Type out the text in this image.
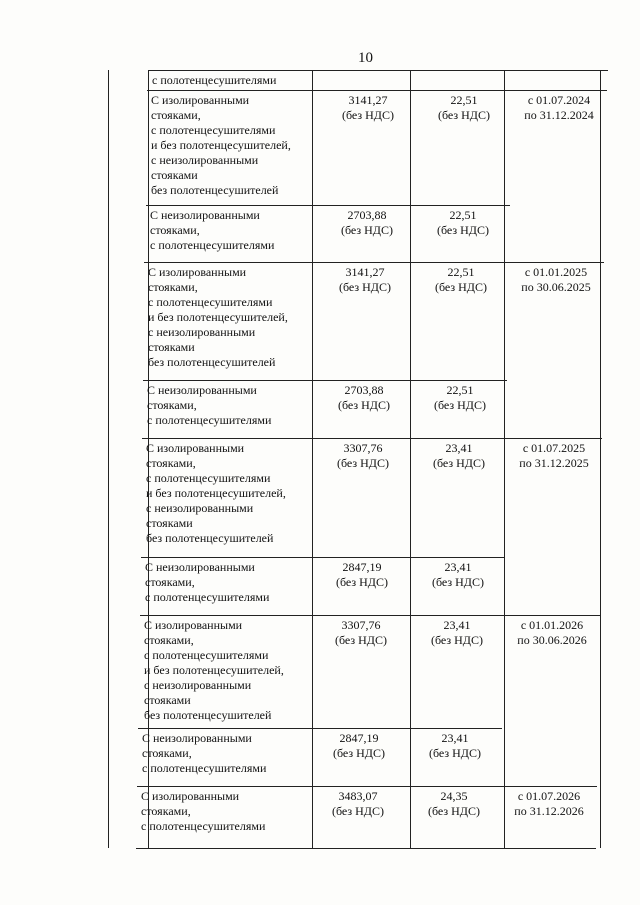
10
с полотенцесушителями
С изолированными
стояками,
с полотенцесушителями
и без полотенцесушителей,
с неизолированными
стояками
без полотенцесушителей
3141,27
(без НДС)
22,51
(без НДС)
с 01.07.2024
по 31.12.2024
С неизолированными
стояками,
с полотенцесушителями
2703,88
(без НДС)
22,51
(без НДС)
С изолированными
стояками,
с полотенцесушителями
и без полотенцесушителей,
с неизолированными
стояками
без полотенцесушителей
3141,27
(без НДС)
22,51
(без НДС)
с 01.01.2025
по 30.06.2025
С неизолированными
стояками,
с полотенцесушителями
2703,88
(без НДС)
22,51
(без НДС)
С изолированными
стояками,
с полотенцесушителями
и без полотенцесушителей,
с неизолированными
стояками
без полотенцесушителей
3307,76
(без НДС)
23,41
(без НДС)
с 01.07.2025
по 31.12.2025
С неизолированными
стояками,
с полотенцесушителями
2847,19
(без НДС)
23,41
(без НДС)
С изолированными
стояками,
с полотенцесушителями
и без полотенцесушителей,
с неизолированными
стояками
без полотенцесушителей
3307,76
(без НДС)
23,41
(без НДС)
с 01.01.2026
по 30.06.2026
С неизолированными
стояками,
с полотенцесушителями
2847,19
(без НДС)
23,41
(без НДС)
С изолированными
стояками,
с полотенцесушителями
3483,07
(без НДС)
24,35
(без НДС)
с 01.07.2026
по 31.12.2026
